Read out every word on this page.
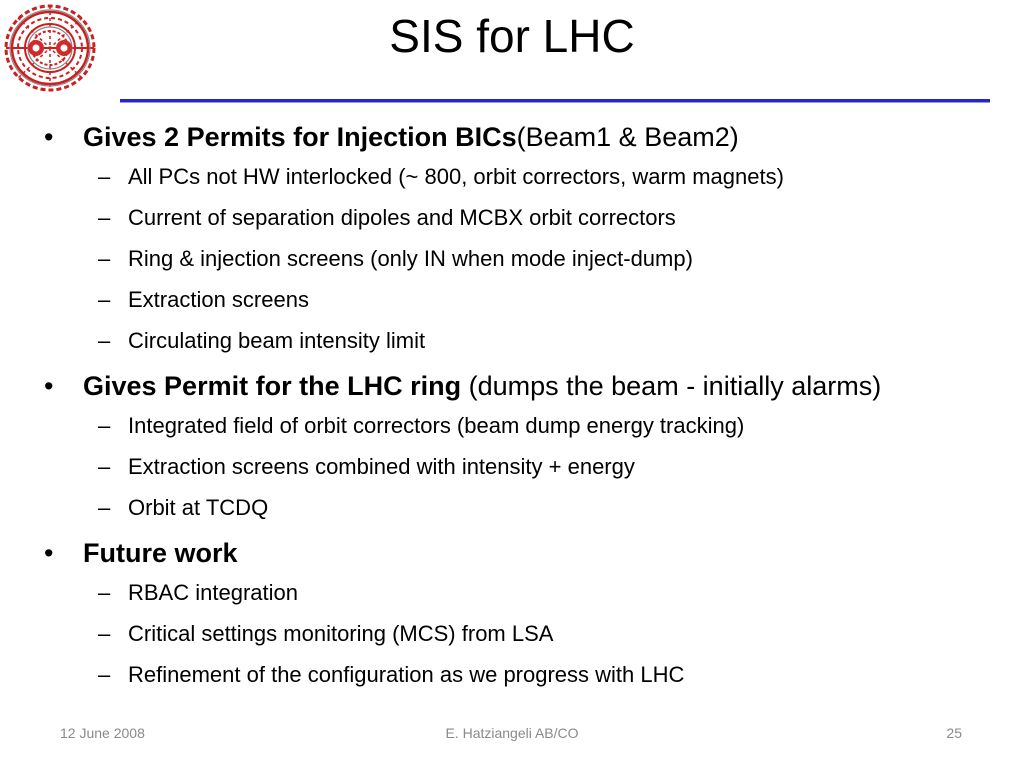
SIS for LHC
• Gives 2 Permits for Injection BICs(Beam1 & Beam2)
– All PCs not HW interlocked (~ 800, orbit correctors, warm magnets)
– Current of separation dipoles and MCBX orbit correctors
– Ring & injection screens (only IN when mode inject-dump)
– Extraction screens
– Circulating beam intensity limit
• Gives Permit for the LHC ring (dumps the beam - initially alarms)
– Integrated field of orbit correctors (beam dump energy tracking)
– Extraction screens combined with intensity + energy
– Orbit at TCDQ
• Future work
– RBAC integration
– Critical settings monitoring (MCS) from LSA
– Refinement of the configuration as we progress with LHC
12 June 2008	E. Hatziangeli AB/CO	25
